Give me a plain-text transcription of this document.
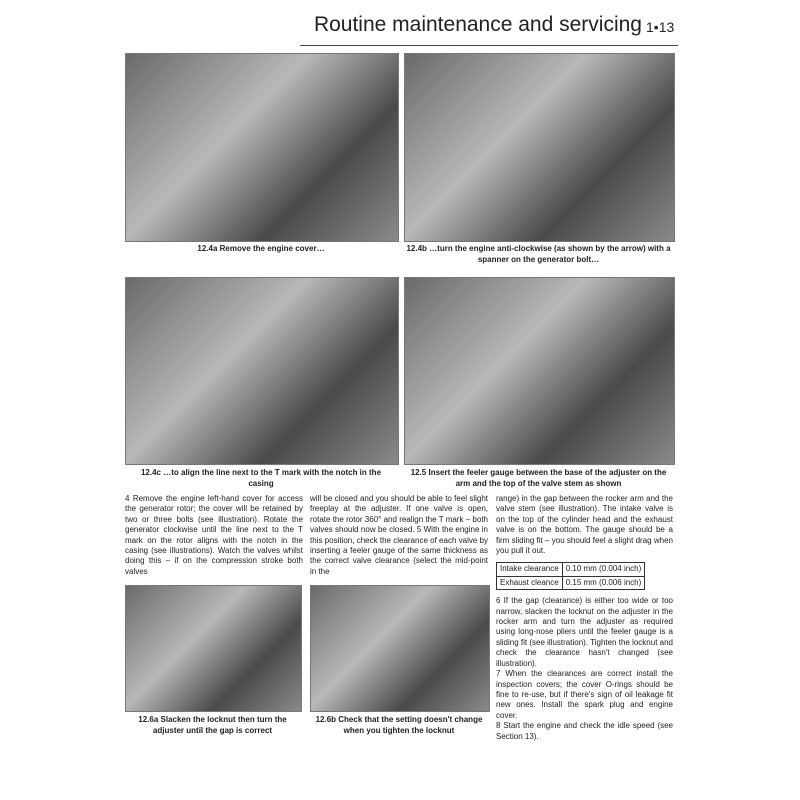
Routine maintenance and servicing 1•13
12.4a Remove the engine cover…	12.4b …turn the engine anti-clockwise (as shown by the arrow) with a spanner on the generator bolt…
12.4c …to align the line next to the T mark with the notch in the casing
12.5 Insert the feeler gauge between the base of the adjuster on the arm and the top of the valve stem as shown
4 Remove the engine left-hand cover for access the generator rotor; the cover will be retained by two or three bolts (see illustration). Rotate the generator clockwise until the line next to the T mark on the rotor aligns with the notch in the casing (see illustrations). Watch the valves whilst doing this – if on the compression stroke both valves
will be closed and you should be able to feel slight freeplay at the adjuster. If one valve is open, rotate the rotor 360° and realign the T mark – both valves should now be closed. 5 With the engine in this position, check the clearance of each valve by inserting a feeler gauge of the same thickness as the correct valve clearance (select the mid-point in the
range) in the gap between the rocker arm and the valve stem (see illustration). The intake valve is on the top of the cylinder head and the exhaust valve is on the bottom. The gauge should be a firm sliding fit – you should feel a slight drag when you pull it out.
Intake clearance	0.10 mm (0.004 inch)
Exhaust cleance	0.15 mm (0.006 inch)
6 If the gap (clearance) is either too wide or too narrow, slacken the locknut on the adjuster in the rocker arm and turn the adjuster as required using long-nose pliers until the feeler gauge is a sliding fit (see illustration). Tighten the locknut and check the clearance hasn't changed (see illustration).
7 When the clearances are correct install the inspection covers; the cover O-rings should be fine to re-use, but if there's sign of oil leakage fit new ones. Install the spark plug and engine cover.
8 Start the engine and check the idle speed (see Section 13).
12.6a Slacken the locknut then turn the adjuster until the gap is correct
12.6b Check that the setting doesn't change when you tighten the locknut
